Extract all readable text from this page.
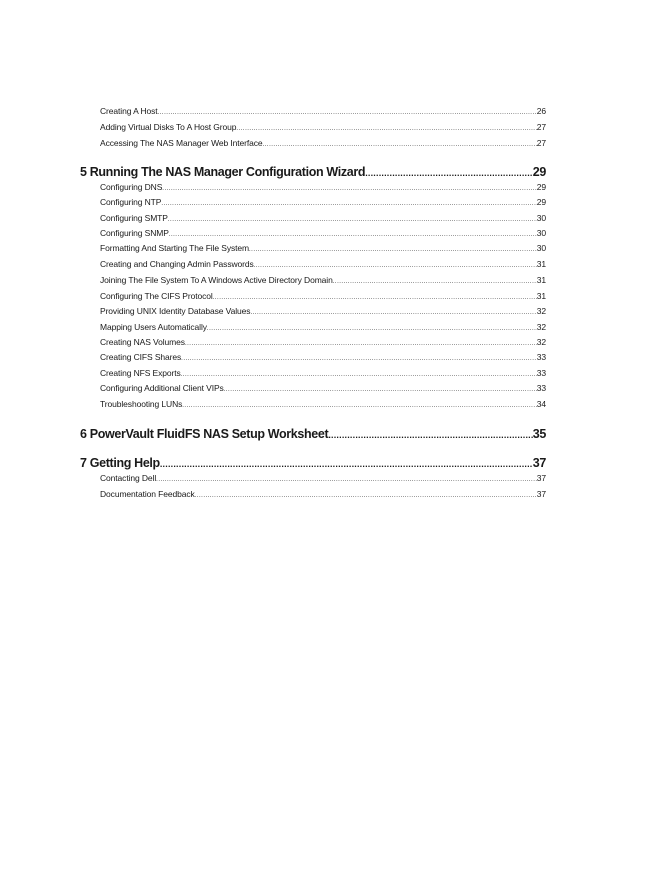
Creating A Host .....	26
Adding Virtual Disks To A Host Group .....	27
Accessing The NAS Manager Web Interface .....	27
5 Running The NAS Manager Configuration Wizard .....	29
Configuring DNS .....	29
Configuring NTP .....	29
Configuring SMTP .....	30
Configuring SNMP .....	30
Formatting And Starting The File System .....	30
Creating and Changing Admin Passwords .....	31
Joining The File System To A Windows Active Directory Domain .....	31
Configuring The CIFS Protocol .....	31
Providing UNIX Identity Database Values .....	32
Mapping Users Automatically .....	32
Creating NAS Volumes .....	32
Creating CIFS Shares .....	33
Creating NFS Exports .....	33
Configuring Additional Client VIPs .....	33
Troubleshooting LUNs .....	34
6 PowerVault FluidFS NAS Setup Worksheet .....	35
7 Getting Help .....	37
Contacting Dell .....	37
Documentation Feedback .....	37
